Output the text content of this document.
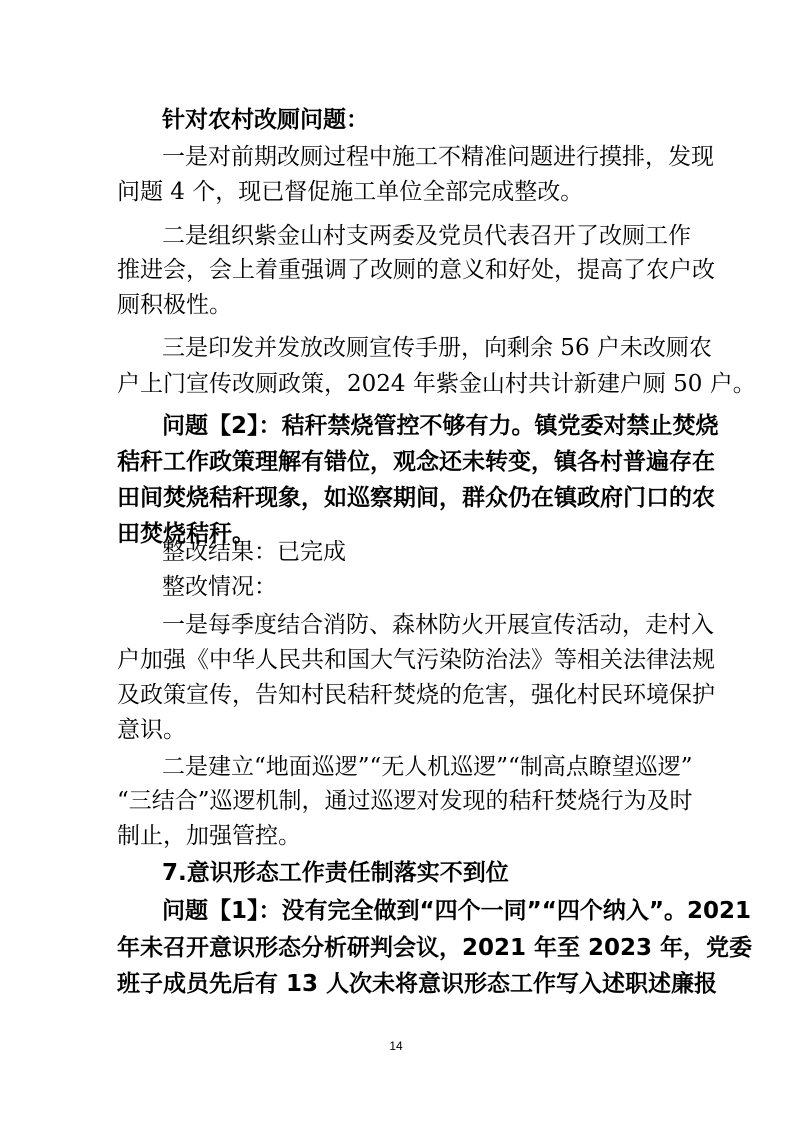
针对农村改厕问题：
一是对前期改厕过程中施工不精准问题进行摸排，发现
问题 4 个，现已督促施工单位全部完成整改。
二是组织紫金山村支两委及党员代表召开了改厕工作
推进会，会上着重强调了改厕的意义和好处，提高了农户改
厕积极性。
三是印发并发放改厕宣传手册，向剩余 56 户未改厕农
户上门宣传改厕政策，2024 年紫金山村共计新建户厕 50 户。
问题【2】：秸秆禁烧管控不够有力。镇党委对禁止焚烧
秸秆工作政策理解有错位，观念还未转变，镇各村普遍存在
田间焚烧秸秆现象，如巡察期间，群众仍在镇政府门口的农
田焚烧秸秆。
整改结果：已完成
整改情况：
一是每季度结合消防、森林防火开展宣传活动，走村入
户加强《中华人民共和国大气污染防治法》等相关法律法规
及政策宣传，告知村民秸秆焚烧的危害，强化村民环境保护
意识。
二是建立“地面巡逻”“无人机巡逻”“制高点瞭望巡逻”
“三结合”巡逻机制，通过巡逻对发现的秸秆焚烧行为及时
制止，加强管控。
7.意识形态工作责任制落实不到位
问题【1】：没有完全做到“四个一同”“四个纳入”。2021
年未召开意识形态分析研判会议，2021 年至 2023 年，党委
班子成员先后有 13 人次未将意识形态工作写入述职述廉报
14
